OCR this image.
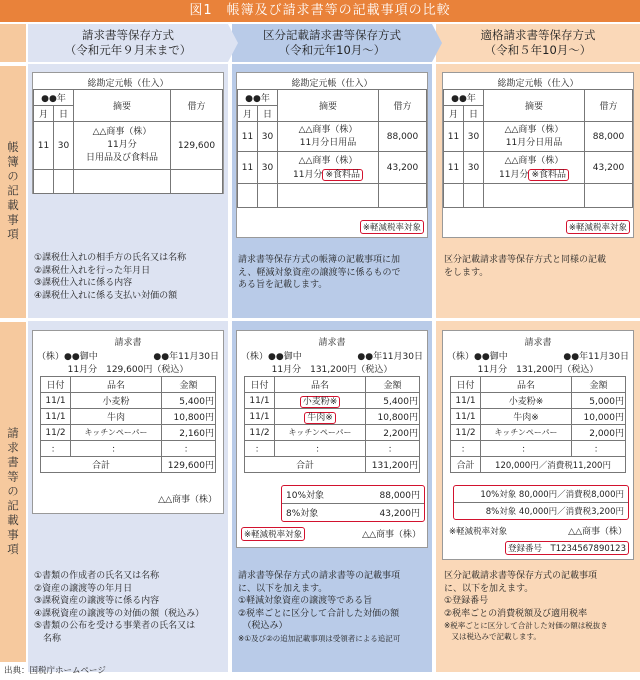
図1　帳簿及び請求書等の記載事項の比較
帳簿の記載事項
請求書等の記載事項
請求書等保存方式
（令和元年９月末まで）
区分記載請求書等保存方式
（令和元年10月～）
適格請求書等保存方式
（令和５年10月～）
総勘定元帳（仕入）
●●年		摘要	借方
月	日		
11	30	△△商事（株）
11月分
日用品及び食料品	129,600

総勘定元帳（仕入）
●●年		摘要	借方
月	日		
11	30	△△商事（株）
11月分日用品	88,000
11	30	△△商事（株）
11月分 ※食料品	43,200

※軽減税率対象
総勘定元帳（仕入）
●●年		摘要	借方
月	日		
11	30	△△商事（株）
11月分日用品	88,000
11	30	△△商事（株）
11月分 ※食料品	43,200

※軽減税率対象
①課税仕入れの相手方の氏名又は名称
②課税仕入れを行った年月日
③課税仕入れに係る内容
④課税仕入れに係る支払い対価の額
請求書等保存方式の帳簿の記載事項に加
え、軽減対象資産の譲渡等に係るもので
ある旨を記載します。
区分記載請求書等保存方式と同様の記載
をします。
請求書
（株）●●御中	●●年11月30日
11月分　129,600円（税込）
日付	品名	金額
11/1	小麦粉	5,400円
11/1	牛肉	10,800円
11/2	キッチンペーパー	2,160円
：	：	：
合計		129,600円
△△商事（株）
請求書
（株）●●御中	●●年11月30日
11月分　131,200円（税込）
日付	品名	金額
11/1	小麦粉※	5,400円
11/1	牛肉※	10,800円
11/2	キッチンペーパー	2,200円
：	：	：
合計		131,200円
10%対象	88,000円
8%対象	43,200円
※軽減税率対象	△△商事（株）
請求書
（株）●●御中	●●年11月30日
11月分　131,200円（税込）
日付	品名	金額
11/1	小麦粉※	5,000円
11/1	牛肉※	10,000円
11/2	キッチンペーパー	2,000円
：	：	：
合計	120,000円／消費税11,200円	
10%対象 80,000円／消費税8,000円
8%対象 40,000円／消費税3,200円
※軽減税率対象	△△商事（株）
登録番号　T1234567890123
①書類の作成者の氏名又は名称
②資産の譲渡等の年月日
③課税資産の譲渡等に係る内容
④課税資産の譲渡等の対価の額（税込み）
⑤書類の公布を受ける事業者の氏名又は
　名称
請求書等保存方式の請求書等の記載事項
に、以下を加えます。
①軽減対象資産の譲渡等である旨
②税率ごとに区分して合計した対価の額
　（税込み）
※①及び②の追加記載事項は受領者による追記可
区分記載請求書等保存方式の記載事項
に、以下を加えます。
①登録番号
②税率ごとの消費税額及び適用税率
※税率ごとに区分して合計した対価の額は税抜き
　又は税込みで記載します。
出典：国税庁ホームページ
